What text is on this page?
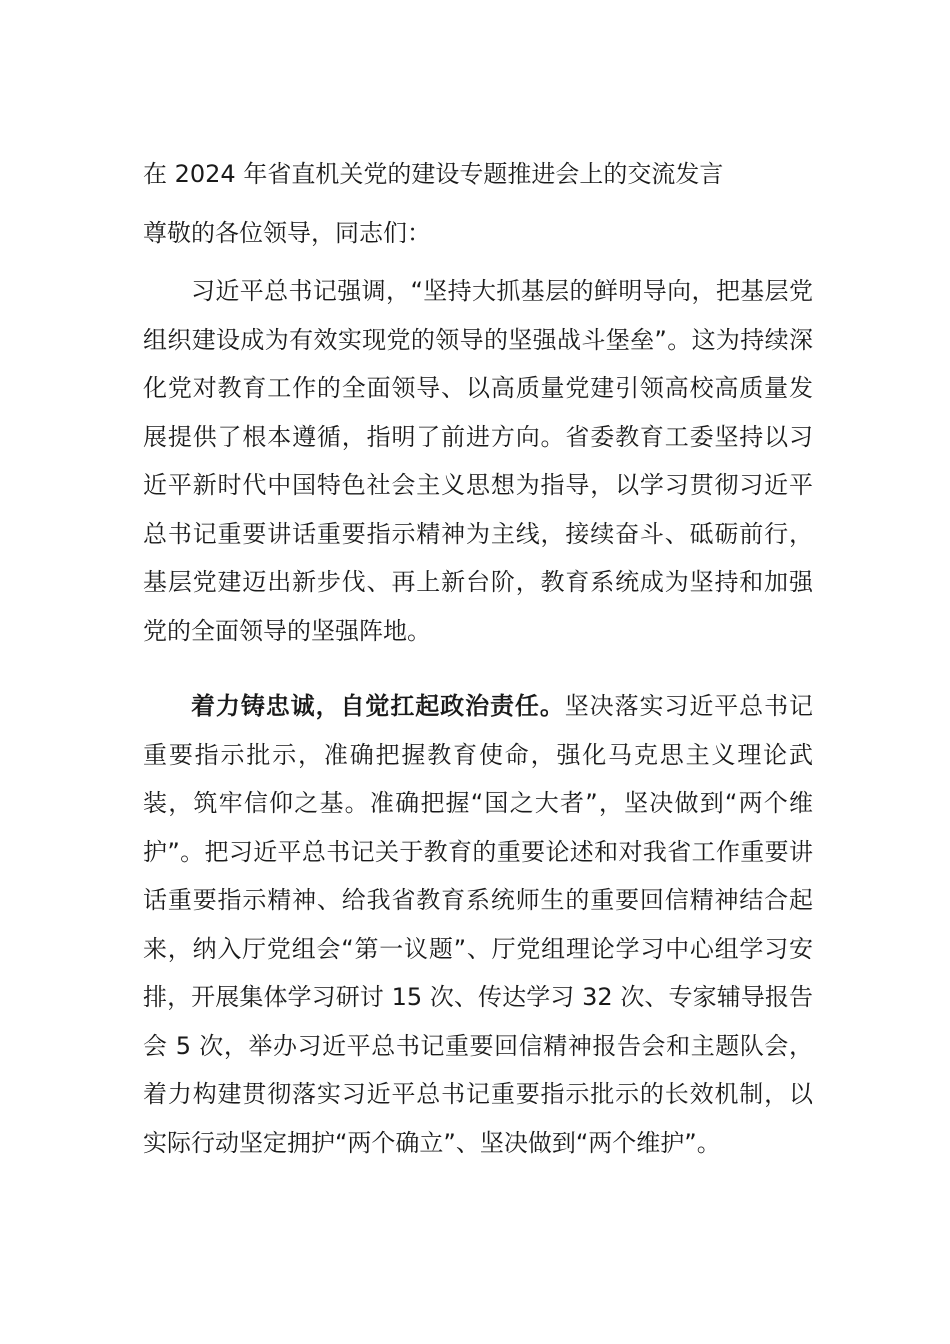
在 2024 年省直机关党的建设专题推进会上的交流发言

尊敬的各位领导，同志们：

习近平总书记强调，“坚持大抓基层的鲜明导向，把基层党组织建设成为有效实现党的领导的坚强战斗堡垒”。这为持续深化党对教育工作的全面领导、以高质量党建引领高校高质量发展提供了根本遵循，指明了前进方向。省委教育工委坚持以习近平新时代中国特色社会主义思想为指导，以学习贯彻习近平总书记重要讲话重要指示精神为主线，接续奋斗、砥砺前行，基层党建迈出新步伐、再上新台阶，教育系统成为坚持和加强党的全面领导的坚强阵地。

着力铸忠诚，自觉扛起政治责任。坚决落实习近平总书记重要指示批示，准确把握教育使命，强化马克思主义理论武装，筑牢信仰之基。准确把握“国之大者”，坚决做到“两个维护”。把习近平总书记关于教育的重要论述和对我省工作重要讲话重要指示精神、给我省教育系统师生的重要回信精神结合起来，纳入厅党组会“第一议题”、厅党组理论学习中心组学习安排，开展集体学习研讨 15 次、传达学习 32 次、专家辅导报告会 5 次，举办习近平总书记重要回信精神报告会和主题队会，着力构建贯彻落实习近平总书记重要指示批示的长效机制，以实际行动坚定拥护“两个确立”、坚决做到“两个维护”。
